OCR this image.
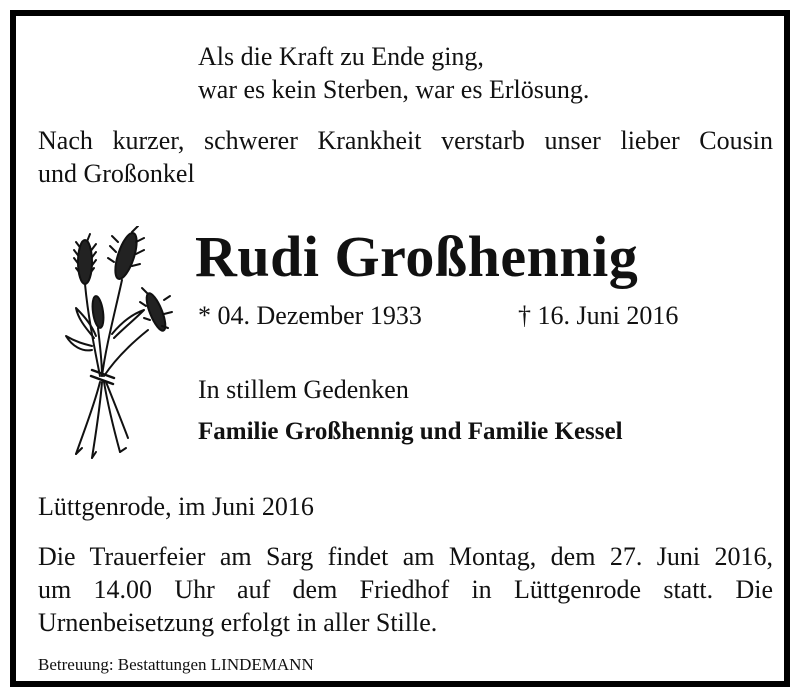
Als die Kraft zu Ende ging,
war es kein Sterben, war es Erlösung.
Nach kurzer, schwerer Krankheit verstarb unser lieber Cousin
und Großonkel
Rudi Großhennig
* 04. Dezember 1933	† 16. Juni 2016
In stillem Gedenken
Familie Großhennig und Familie Kessel
Lüttgenrode, im Juni 2016
Die Trauerfeier am Sarg findet am Montag, dem 27. Juni 2016,
um 14.00 Uhr auf dem Friedhof in Lüttgenrode statt. Die
Urnenbeisetzung erfolgt in aller Stille.
Betreuung: Bestattungen LINDEMANN
